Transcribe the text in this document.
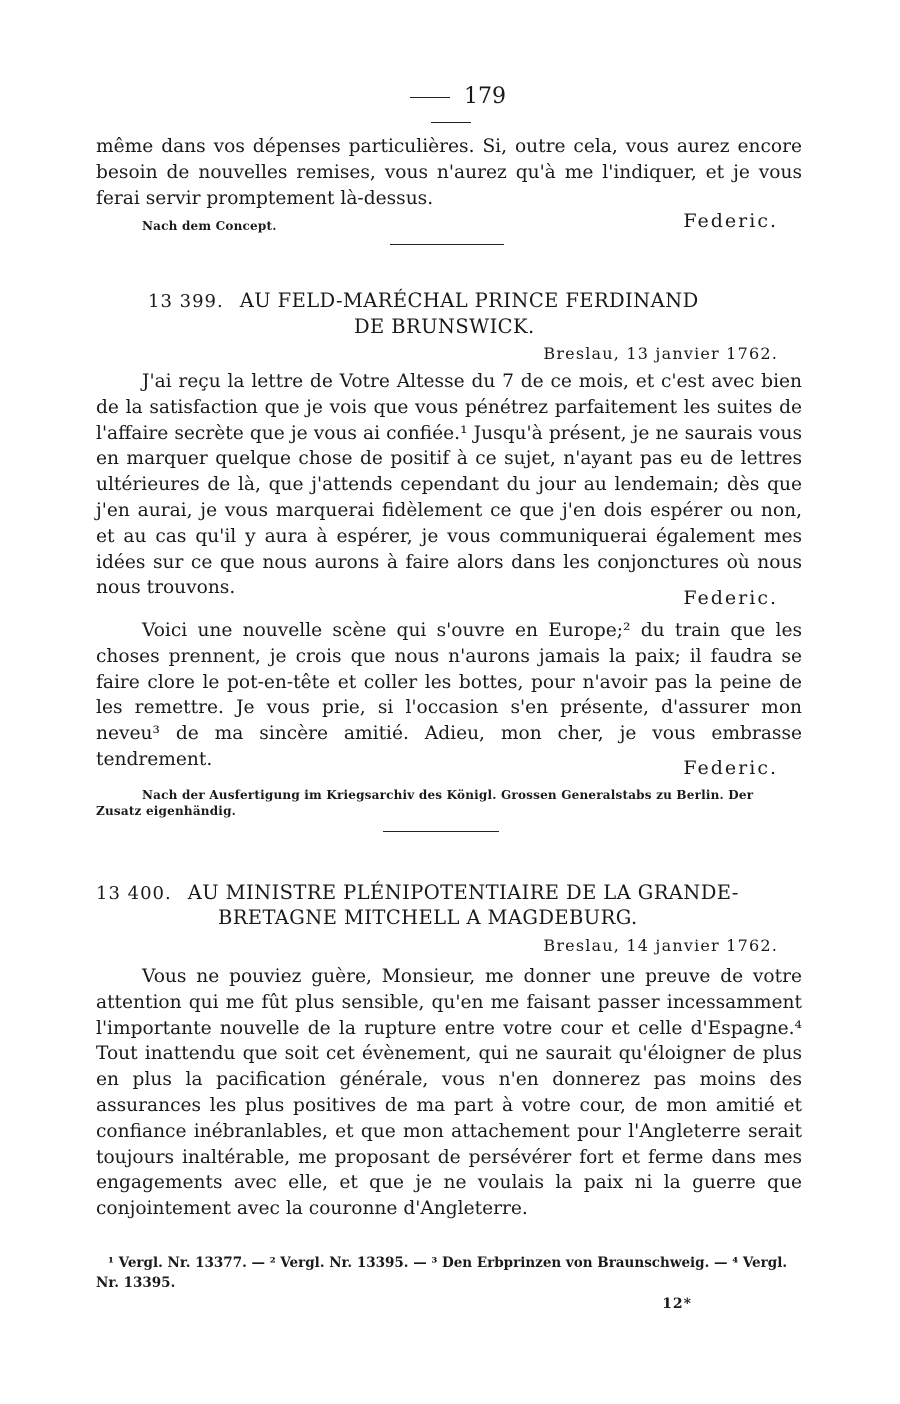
179

même dans vos dépenses particulières. Si, outre cela, vous aurez encore besoin de nouvelles remises, vous n'aurez qu'à me l'indiquer, et je vous ferai servir promptement là-dessus.

Nach dem Concept.	Federic.
13 399. AU FELD-MARÉCHAL PRINCE FERDINAND
DE BRUNSWICK.
Breslau, 13 janvier 1762.

J'ai reçu la lettre de Votre Altesse du 7 de ce mois, et c'est avec bien de la satisfaction que je vois que vous pénétrez parfaitement les suites de l'affaire secrète que je vous ai confiée.¹ Jusqu'à présent, je ne saurais vous en marquer quelque chose de positif à ce sujet, n'ayant pas eu de lettres ultérieures de là, que j'attends cependant du jour au lendemain; dès que j'en aurai, je vous marquerai fidèlement ce que j'en dois espérer ou non, et au cas qu'il y aura à espérer, je vous communiquerai également mes idées sur ce que nous aurons à faire alors dans les conjonctures où nous nous trouvons.	Federic.

Voici une nouvelle scène qui s'ouvre en Europe;² du train que les choses prennent, je crois que nous n'aurons jamais la paix; il faudra se faire clore le pot-en-tête et coller les bottes, pour n'avoir pas la peine de les remettre. Je vous prie, si l'occasion s'en présente, d'assurer mon neveu³ de ma sincère amitié. Adieu, mon cher, je vous embrasse tendrement.	Federic.
Nach der Ausfertigung im Kriegsarchiv des Königl. Grossen Generalstabs zu Berlin. Der Zusatz eigenhändig.
13 400. AU MINISTRE PLÉNIPOTENTIAIRE DE LA GRANDE-
BRETAGNE MITCHELL A MAGDEBURG.
Breslau, 14 janvier 1762.

Vous ne pouviez guère, Monsieur, me donner une preuve de votre attention qui me fût plus sensible, qu'en me faisant passer incessamment l'importante nouvelle de la rupture entre votre cour et celle d'Espagne.⁴ Tout inattendu que soit cet évènement, qui ne saurait qu'éloigner de plus en plus la pacification générale, vous n'en donnerez pas moins des assurances les plus positives de ma part à votre cour, de mon amitié et confiance inébranlables, et que mon attachement pour l'Angleterre serait toujours inaltérable, me proposant de persévérer fort et ferme dans mes engagements avec elle, et que je ne voulais la paix ni la guerre que conjointement avec la couronne d'Angleterre.

¹ Vergl. Nr. 13377. — ² Vergl. Nr. 13395. — ³ Den Erbprinzen von Braunschweig. — ⁴ Vergl. Nr. 13395.
12*
